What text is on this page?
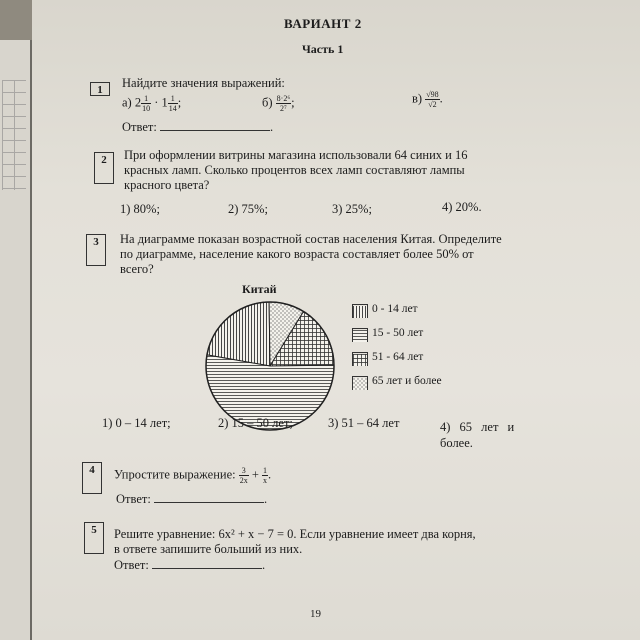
ВАРИАНТ 2
Часть 1
1	Найдите значения выражений:
а) $2 \frac{1}{10} \cdot 1 \frac{1}{14}$ ;	$б) \frac{\text{8·2⁶}}{\text{2⁷}}$ ;	$в) \frac{√98}{√2}$ .
Ответ:	.
2	При оформлении витрины магазина использовали 64 синих и 16
красных ламп. Сколько процентов всех ламп составляют лампы
красного цвета?
1) 80%;	2) 75%;	3) 25%;	4) 20%.
3	На диаграмме показан возрастной состав населения Китая. Определите
по диаграмме, население какого возраста составляет более 50% от
всего?
Китай
0 - 14 лет
15 - 50 лет
51 - 64 лет
65 лет и более
1) 0 – 14 лет;	2) 15 – 50 лет;	3) 51 – 64 лет	4) 65 лет и
более.
4	Упростите выражение: $\frac{3}{2x} + \frac{1}{x}$ .
Ответ:	.
5	Решите уравнение: 6x² + x − 7 = 0. Если уравнение имеет два корня,
в ответе запишите больший из них.
Ответ:	.
19
